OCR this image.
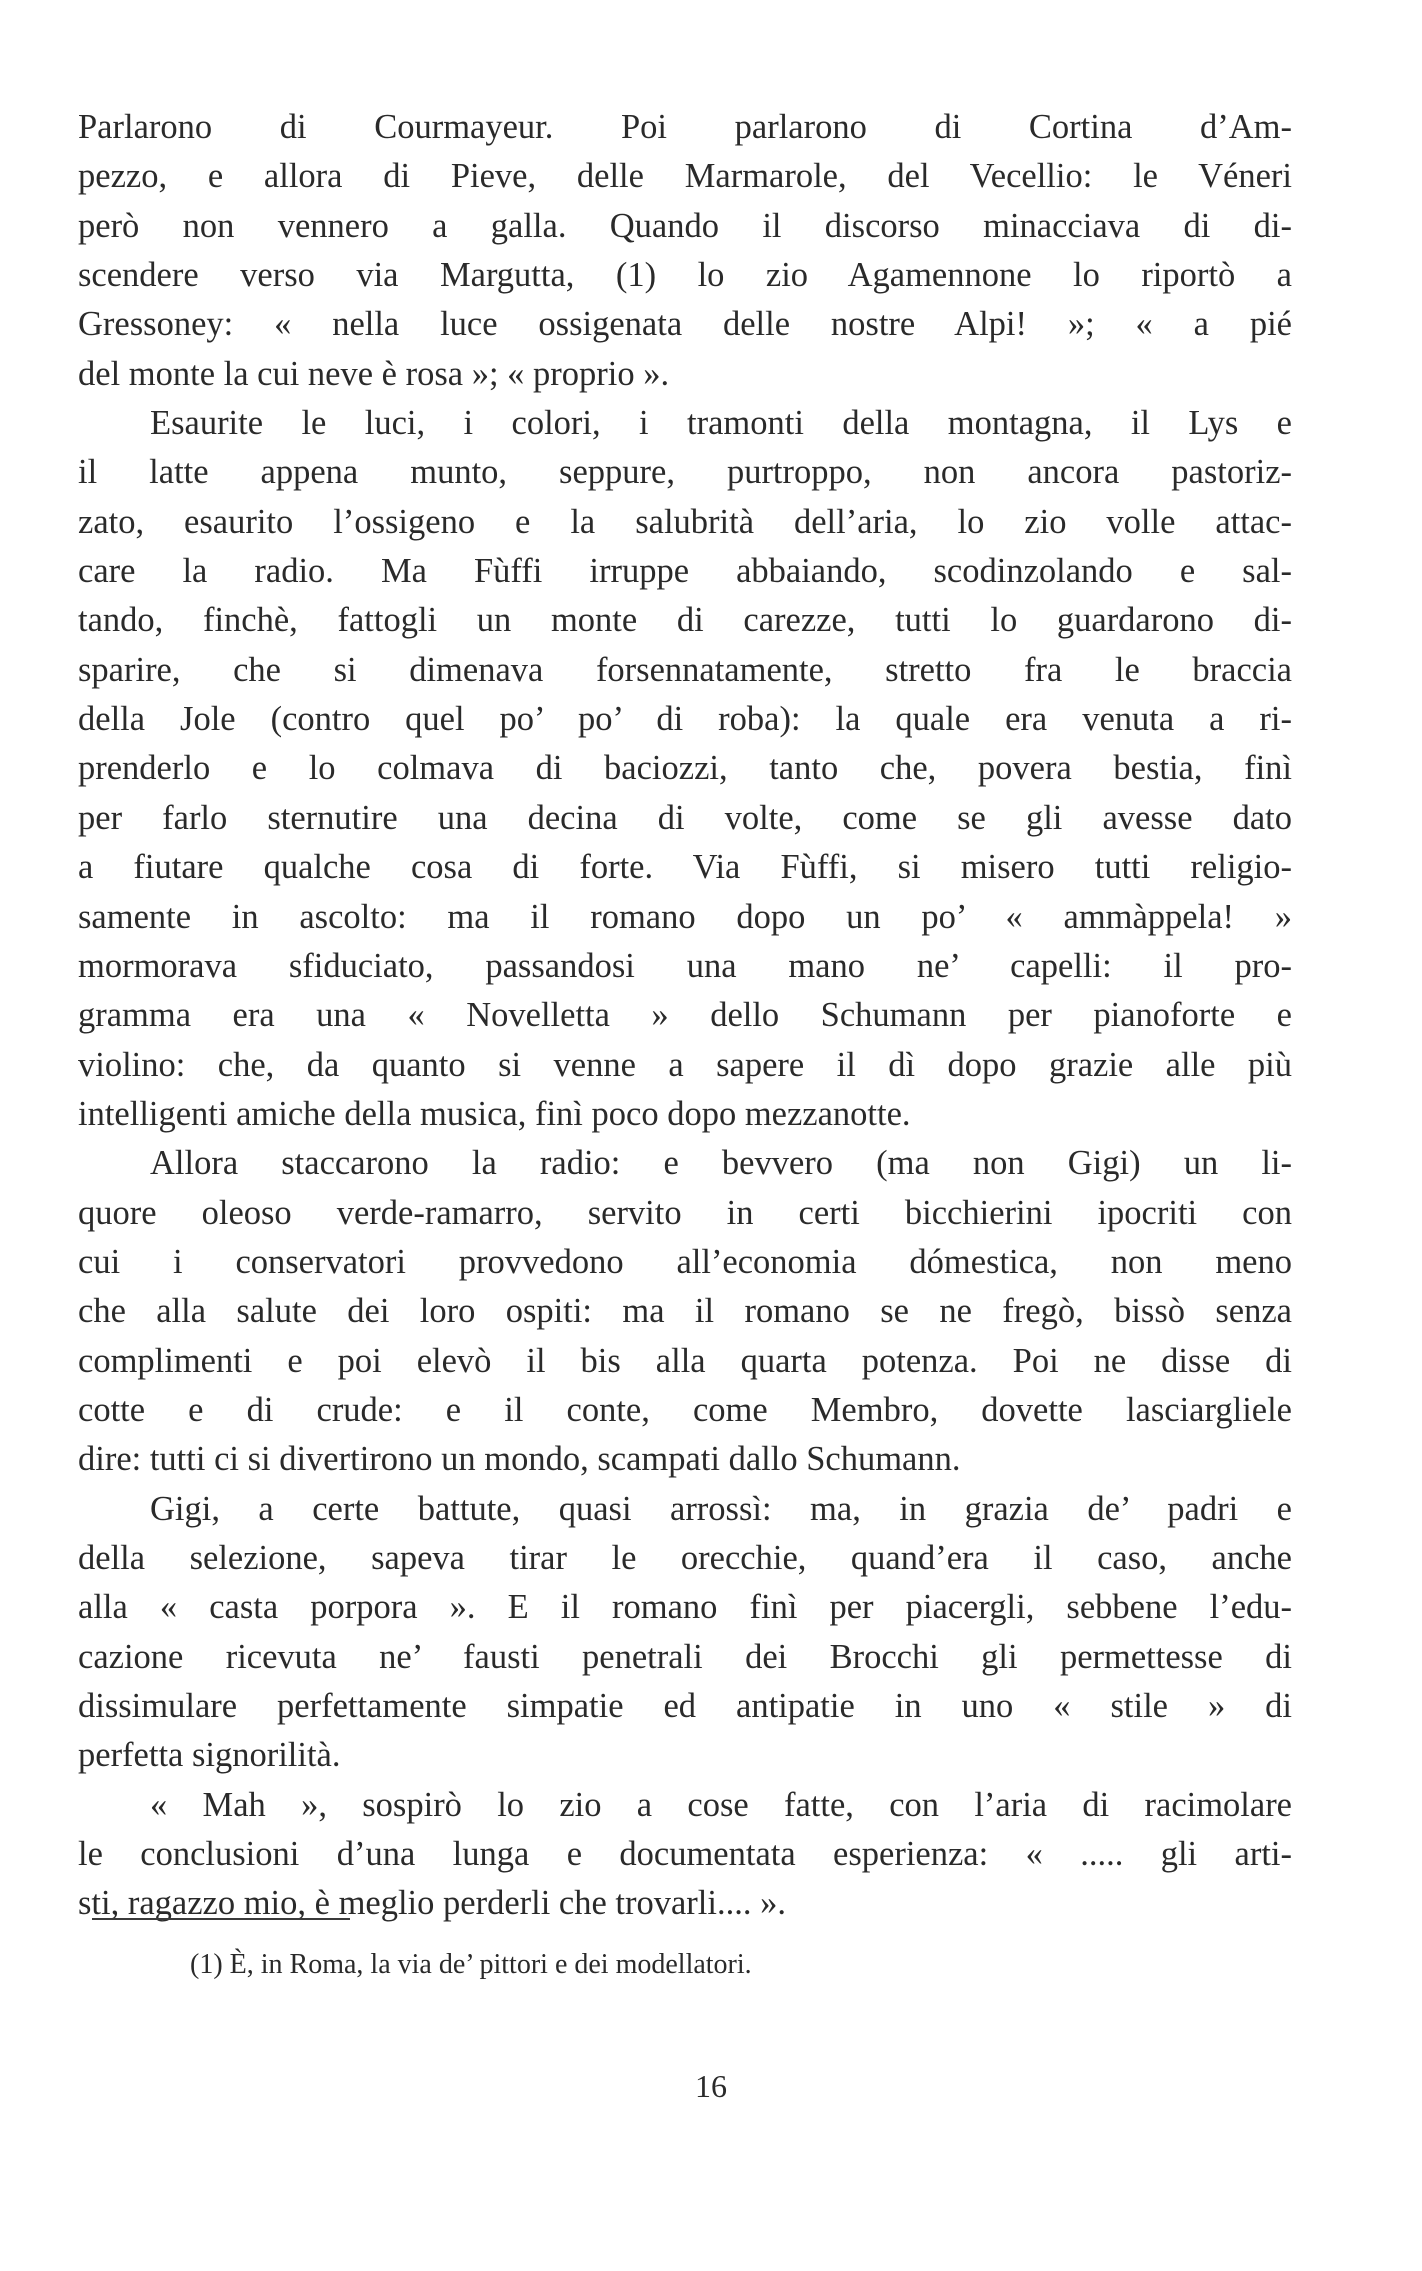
Parlarono di Courmayeur. Poi parlarono di Cortina d’Am-
pezzo, e allora di Pieve, delle Marmarole, del Vecellio: le Véneri
però non vennero a galla. Quando il discorso minacciava di di-
scendere verso via Margutta, (1) lo zio Agamennone lo riportò a
Gressoney: « nella luce ossigenata delle nostre Alpi! »; « a pié
del monte la cui neve è rosa »; « proprio ».
Esaurite le luci, i colori, i tramonti della montagna, il Lys e
il latte appena munto, seppure, purtroppo, non ancora pastoriz-
zato, esaurito l’ossigeno e la salubrità dell’aria, lo zio volle attac-
care la radio. Ma Fùffi irruppe abbaiando, scodinzolando e sal-
tando, finchè, fattogli un monte di carezze, tutti lo guardarono di-
sparire, che si dimenava forsennatamente, stretto fra le braccia
della Jole (contro quel po’ po’ di roba): la quale era venuta a ri-
prenderlo e lo colmava di baciozzi, tanto che, povera bestia, finì
per farlo sternutire una decina di volte, come se gli avesse dato
a fiutare qualche cosa di forte. Via Fùffi, si misero tutti religio-
samente in ascolto: ma il romano dopo un po’ « ammàppela! »
mormorava sfiduciato, passandosi una mano ne’ capelli: il pro-
gramma era una « Novelletta » dello Schumann per pianoforte e
violino: che, da quanto si venne a sapere il dì dopo grazie alle più
intelligenti amiche della musica, finì poco dopo mezzanotte.
Allora staccarono la radio: e bevvero (ma non Gigi) un li-
quore oleoso verde-ramarro, servito in certi bicchierini ipocriti con
cui i conservatori provvedono all’economia dómestica, non meno
che alla salute dei loro ospiti: ma il romano se ne fregò, bissò senza
complimenti e poi elevò il bis alla quarta potenza. Poi ne disse di
cotte e di crude: e il conte, come Membro, dovette lasciargliele
dire: tutti ci si divertirono un mondo, scampati dallo Schumann.
Gigi, a certe battute, quasi arrossì: ma, in grazia de’ padri e
della selezione, sapeva tirar le orecchie, quand’era il caso, anche
alla « casta porpora ». E il romano finì per piacergli, sebbene l’edu-
cazione ricevuta ne’ fausti penetrali dei Brocchi gli permettesse di
dissimulare perfettamente simpatie ed antipatie in uno « stile » di
perfetta signorilità.
« Mah », sospirò lo zio a cose fatte, con l’aria di racimolare
le conclusioni d’una lunga e documentata esperienza: « ..... gli arti-
sti, ragazzo mio, è meglio perderli che trovarli.... ».
(1) È, in Roma, la via de’ pittori e dei modellatori.
16
